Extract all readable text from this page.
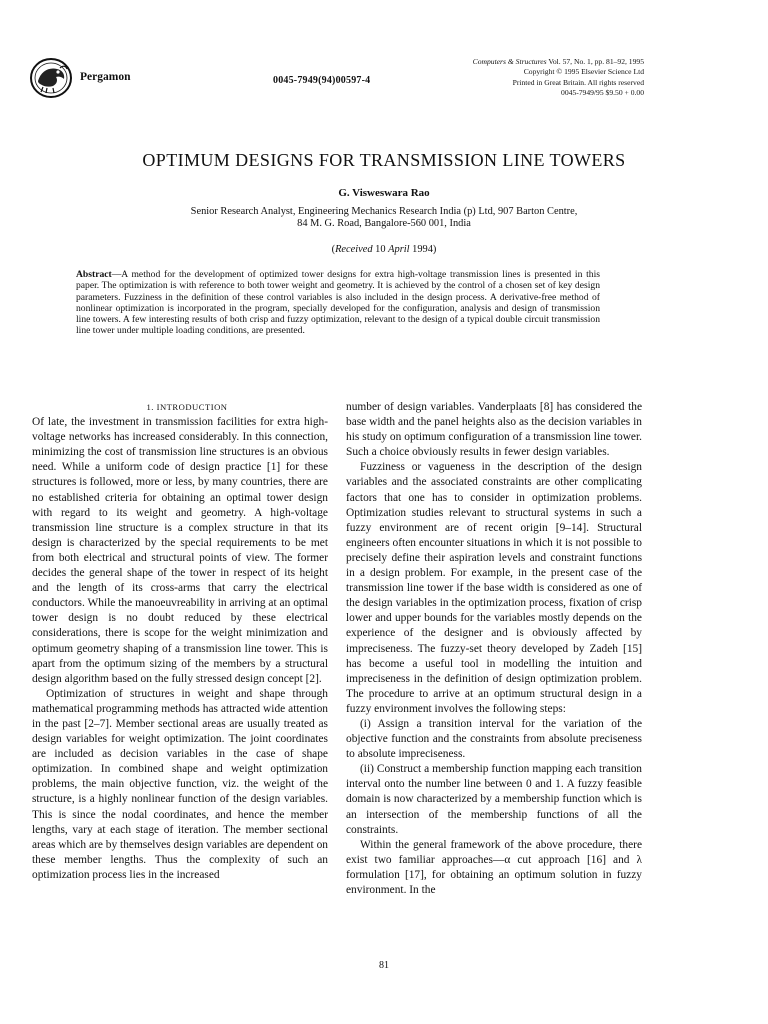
Pergamon	0045-7949(94)00597-4
Computers & Structures Vol. 57, No. 1, pp. 81–92, 1995
Copyright © 1995 Elsevier Science Ltd
Printed in Great Britain. All rights reserved
0045-7949/95 $9.50 + 0.00
OPTIMUM DESIGNS FOR TRANSMISSION LINE TOWERS
G. Visweswara Rao
Senior Research Analyst, Engineering Mechanics Research India (p) Ltd, 907 Barton Centre,
84 M. G. Road, Bangalore-560 001, India
(Received 10 April 1994)
Abstract—A method for the development of optimized tower designs for extra high-voltage transmission lines is presented in this paper. The optimization is with reference to both tower weight and geometry. It is achieved by the control of a chosen set of key design parameters. Fuzziness in the definition of these control variables is also included in the design process. A derivative-free method of nonlinear optimization is incorporated in the program, specially developed for the configuration, analysis and design of transmission line towers. A few interesting results of both crisp and fuzzy optimization, relevant to the design of a typical double circuit transmission line tower under multiple loading conditions, are presented.

1. INTRODUCTION

Of late, the investment in transmission facilities for extra high-voltage networks has increased considerably. In this connection, minimizing the cost of transmission line structures is an obvious need. While a uniform code of design practice [1] for these structures is followed, more or less, by many countries, there are no established criteria for obtaining an optimal tower design with regard to its weight and geometry. A high-voltage transmission line structure is a complex structure in that its design is characterized by the special requirements to be met from both electrical and structural points of view. The former decides the general shape of the tower in respect of its height and the length of its cross-arms that carry the electrical conductors. While the manoeuvreability in arriving at an optimal tower design is no doubt reduced by these electrical considerations, there is scope for the weight minimization and optimum geometry shaping of a transmission line tower. This is apart from the optimum sizing of the members by a structural design algorithm based on the fully stressed design concept [2].

Optimization of structures in weight and shape through mathematical programming methods has attracted wide attention in the past [2–7]. Member sectional areas are usually treated as design variables for weight optimization. The joint coordinates are included as decision variables in the case of shape optimization. In combined shape and weight optimization problems, the main objective function, viz. the weight of the structure, is a highly nonlinear function of the design variables. This is since the nodal coordinates, and hence the member lengths, vary at each stage of iteration. The member sectional areas which are by themselves design variables are dependent on these member lengths. Thus the complexity of such an optimization process lies in the increased

number of design variables. Vanderplaats [8] has considered the base width and the panel heights also as the decision variables in his study on optimum configuration of a transmission line tower. Such a choice obviously results in fewer design variables.

Fuzziness or vagueness in the description of the design variables and the associated constraints are other complicating factors that one has to consider in optimization problems. Optimization studies relevant to structural systems in such a fuzzy environment are of recent origin [9–14]. Structural engineers often encounter situations in which it is not possible to precisely define their aspiration levels and constraint functions in a design problem. For example, in the present case of the transmission line tower if the base width is considered as one of the design variables in the optimization process, fixation of crisp lower and upper bounds for the variables mostly depends on the experience of the designer and is obviously affected by impreciseness. The fuzzy-set theory developed by Zadeh [15] has become a useful tool in modelling the intuition and impreciseness in the definition of design optimization problem. The procedure to arrive at an optimum structural design in a fuzzy environment involves the following steps:

(i) Assign a transition interval for the variation of the objective function and the constraints from absolute preciseness to absolute impreciseness.

(ii) Construct a membership function mapping each transition interval onto the number line between 0 and 1. A fuzzy feasible domain is now characterized by a membership function which is an intersection of the membership functions of all the constraints.

Within the general framework of the above procedure, there exist two familiar approaches—α cut approach [16] and λ formulation [17], for obtaining an optimum solution in fuzzy environment. In the

81
